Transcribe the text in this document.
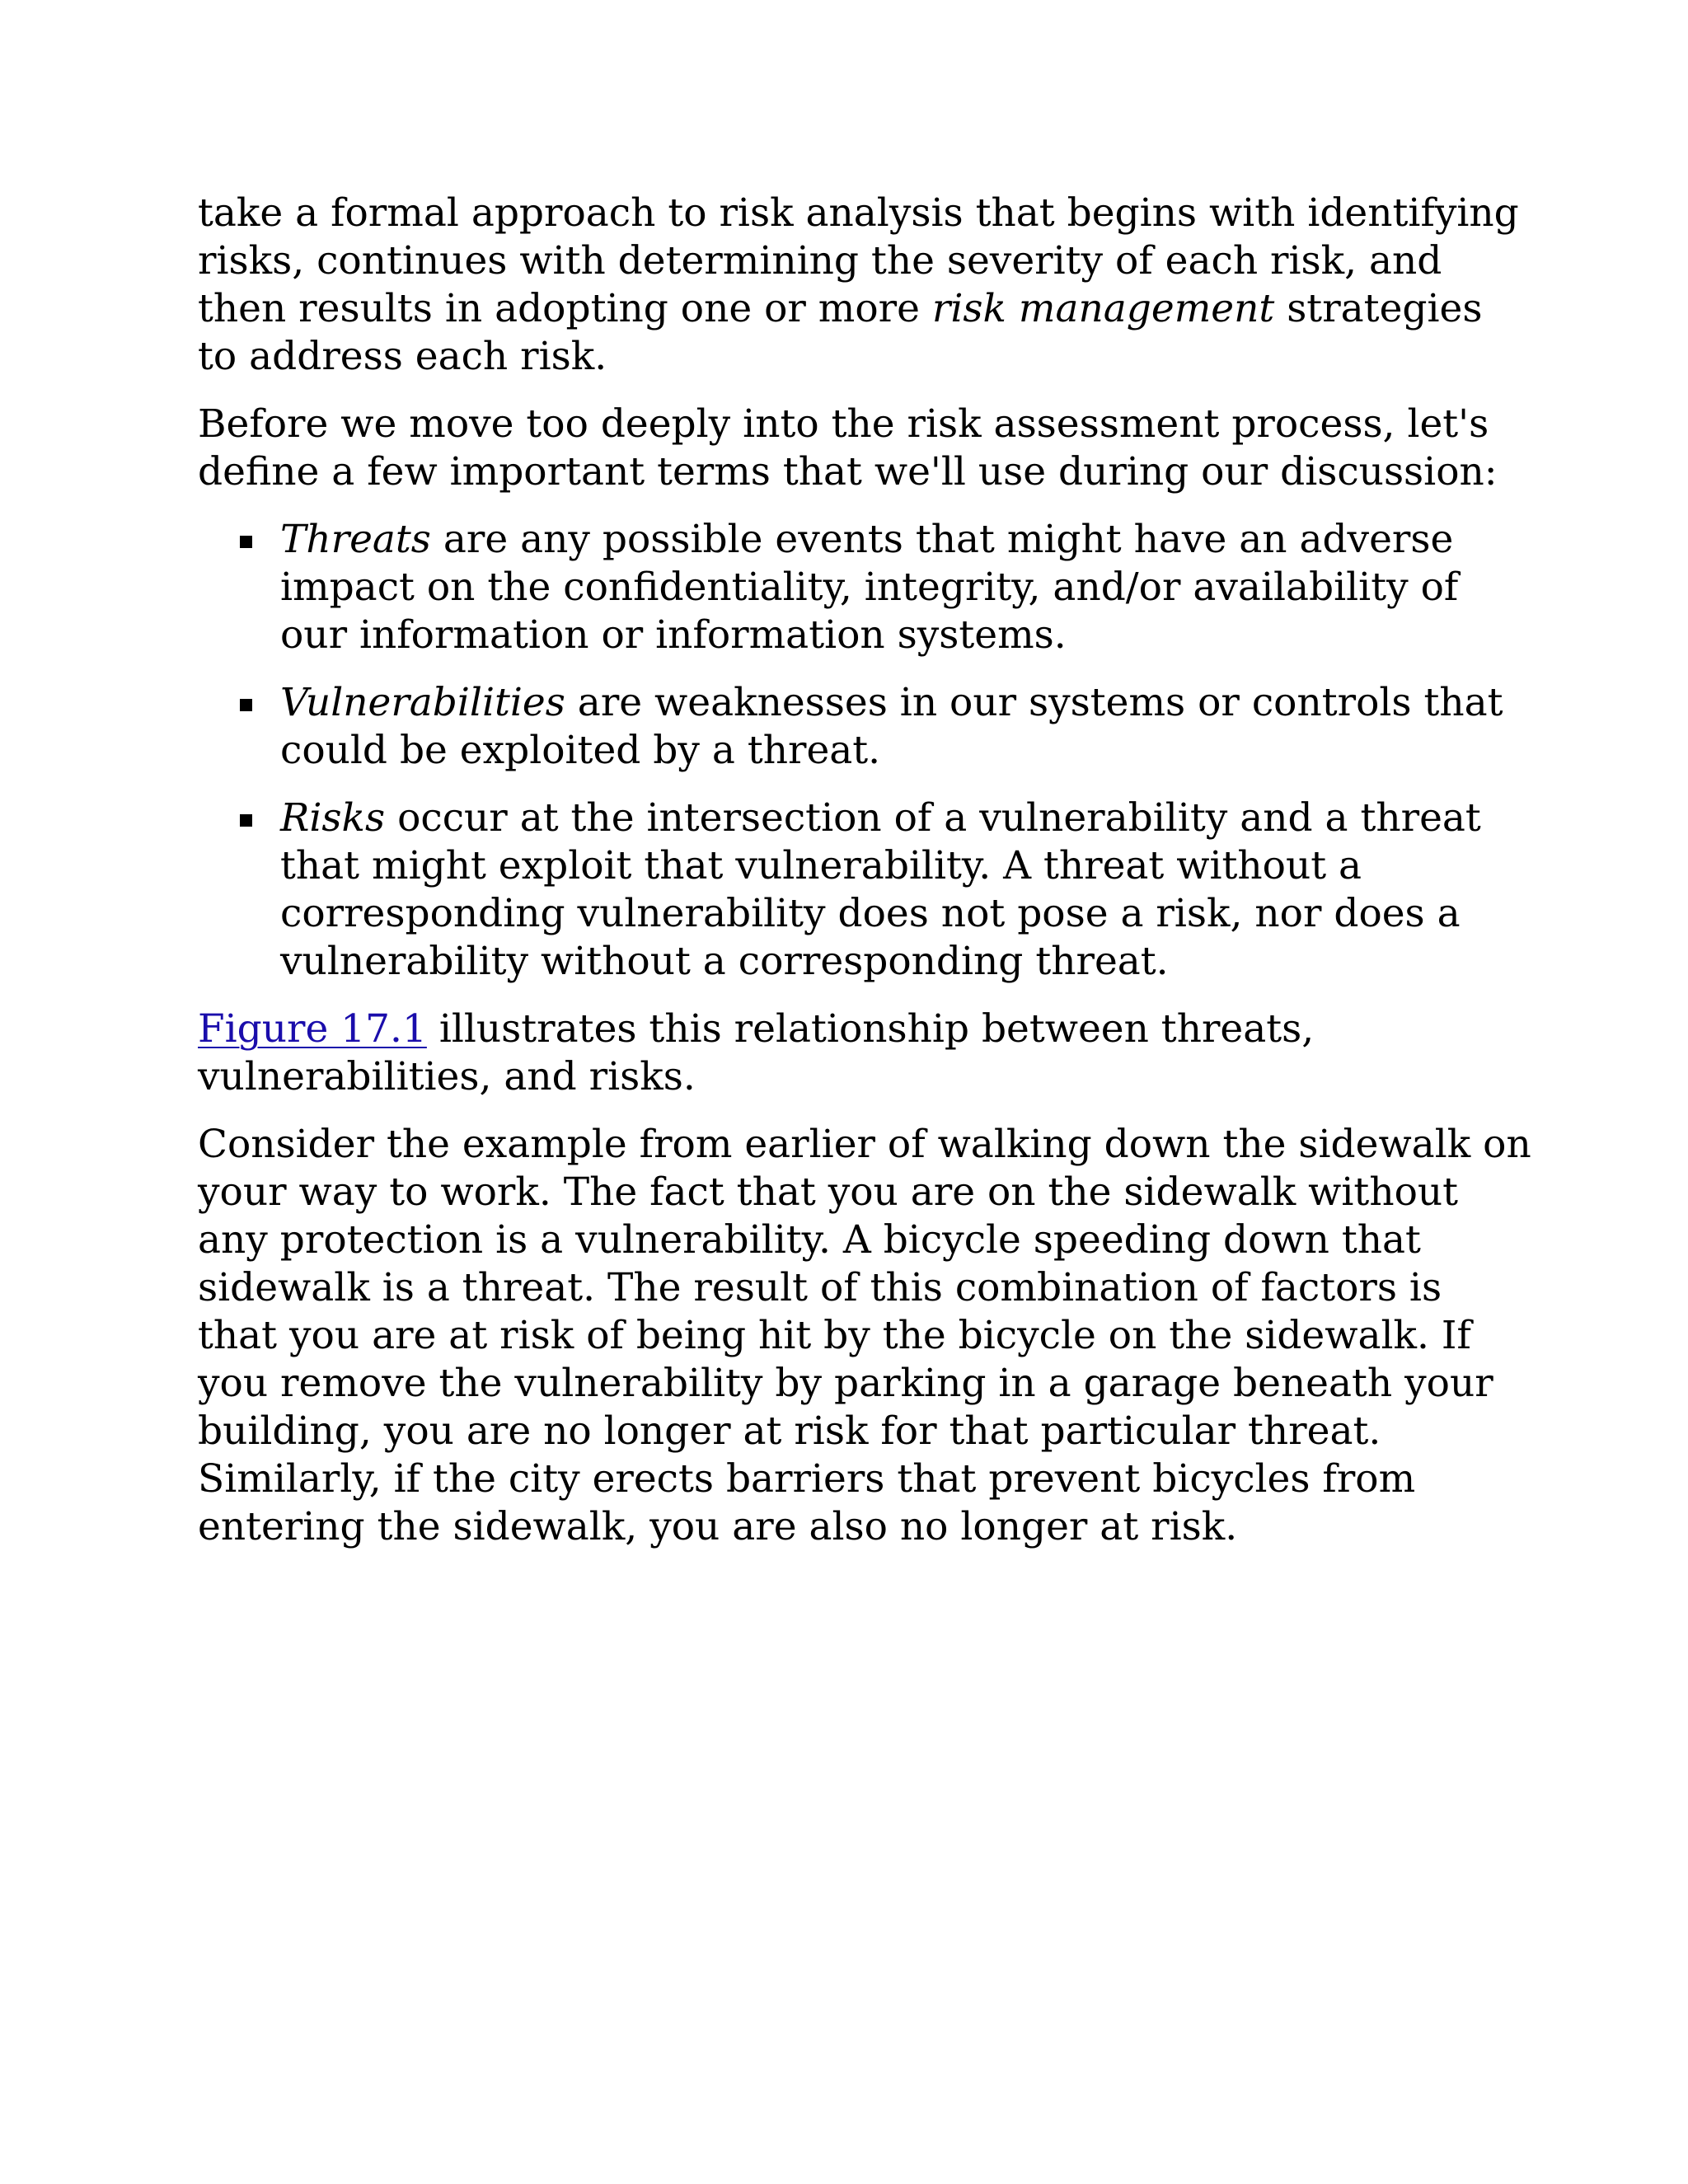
take a formal approach to risk analysis that begins with identifying risks, continues with determining the severity of each risk, and then results in adopting one or more risk management strategies to address each risk.

Before we move too deeply into the risk assessment process, let's define a few important terms that we'll use during our discussion:

Threats are any possible events that might have an adverse impact on the confidentiality, integrity, and/or availability of our information or information systems.
Vulnerabilities are weaknesses in our systems or controls that could be exploited by a threat.
Risks occur at the intersection of a vulnerability and a threat that might exploit that vulnerability. A threat without a corresponding vulnerability does not pose a risk, nor does a vulnerability without a corresponding threat.

Figure 17.1 illustrates this relationship between threats, vulnerabilities, and risks.

Consider the example from earlier of walking down the sidewalk on your way to work. The fact that you are on the sidewalk without any protection is a vulnerability. A bicycle speeding down that sidewalk is a threat. The result of this combination of factors is that you are at risk of being hit by the bicycle on the sidewalk. If you remove the vulnerability by parking in a garage beneath your building, you are no longer at risk for that particular threat. Similarly, if the city erects barriers that prevent bicycles from entering the sidewalk, you are also no longer at risk.
